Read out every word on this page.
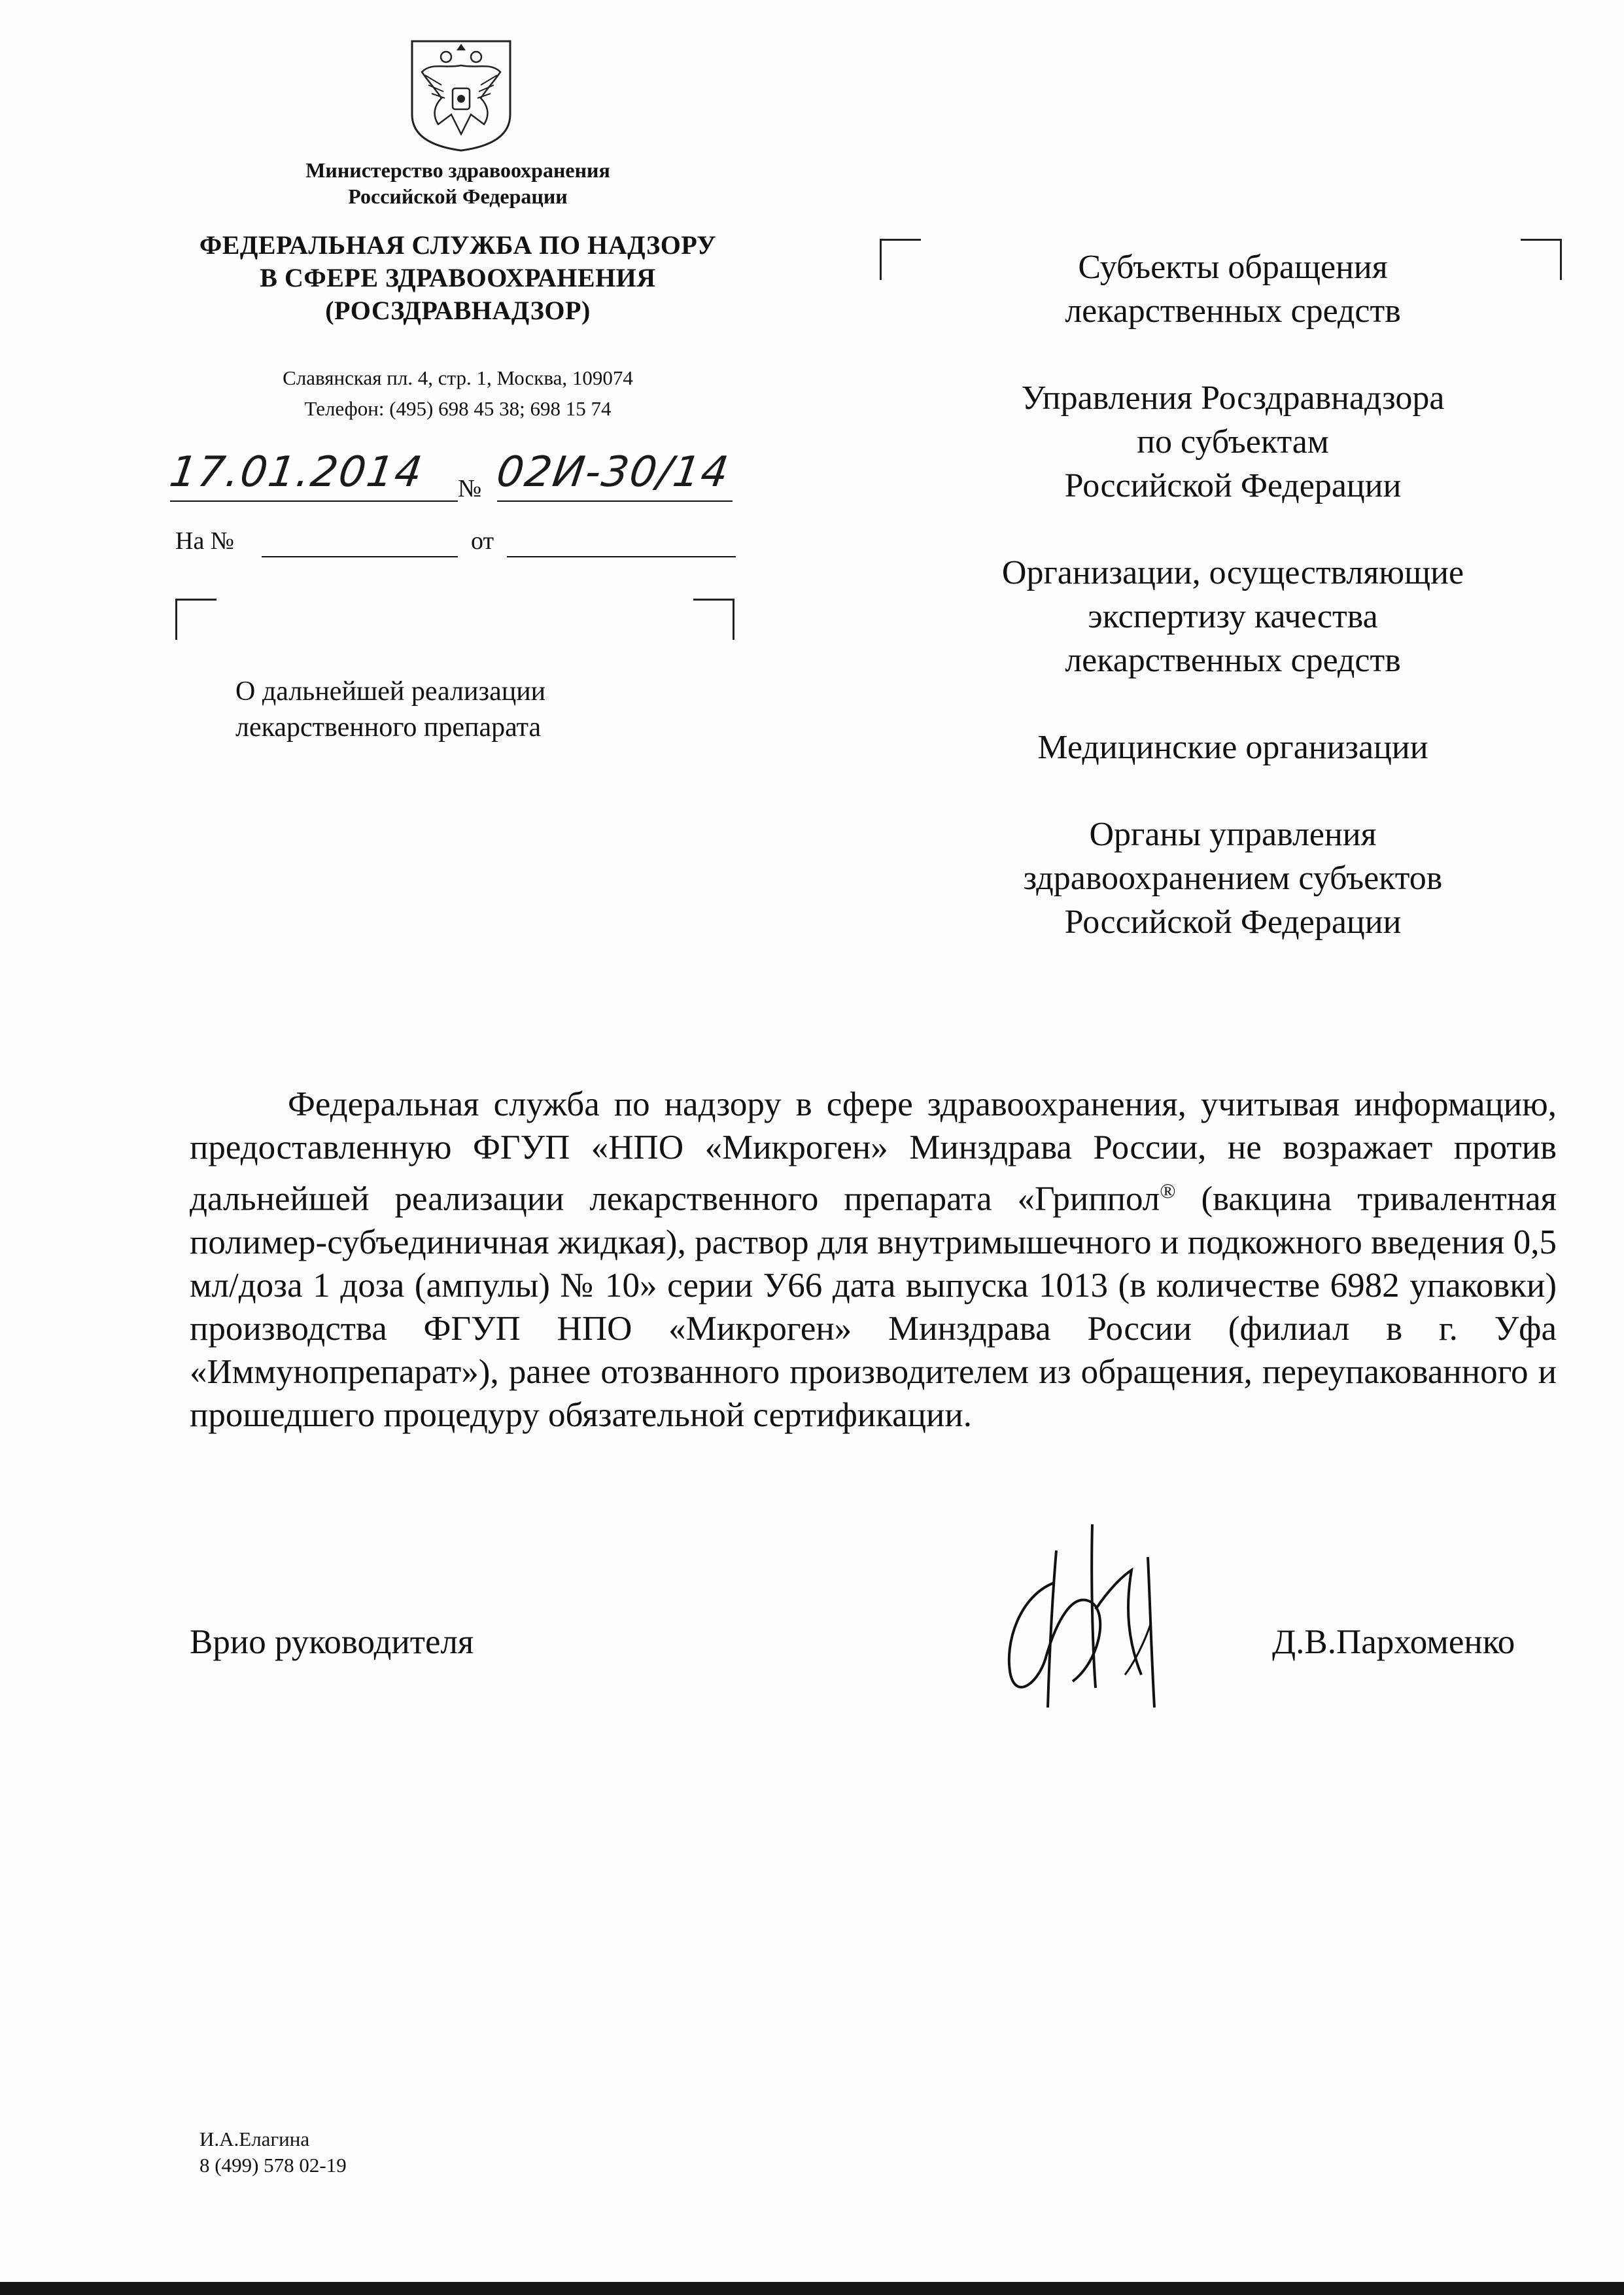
Министерство здравоохранения
Российской Федерации
ФЕДЕРАЛЬНАЯ СЛУЖБА ПО НАДЗОРУ
В СФЕРЕ ЗДРАВООХРАНЕНИЯ
(РОСЗДРАВНАДЗОР)
Славянская пл. 4, стр. 1, Москва, 109074
Телефон: (495) 698 45 38; 698 15 74
17.01.2014 № 02И-30/14
На №	от
О дальнейшей реализации
лекарственного препарата

Субъекты обращения
лекарственных средств

Управления Росздравнадзора
по субъектам
Российской Федерации

Организации, осуществляющие
экспертизу качества
лекарственных средств

Медицинские организации

Органы управления
здравоохранением субъектов
Российской Федерации

Федеральная служба по надзору в сфере здравоохранения, учитывая информацию, предоставленную ФГУП «НПО «Микроген» Минздрава России, не возражает против дальнейшей реализации лекарственного препарата «Гриппол® (вакцина тривалентная полимер-субъединичная жидкая), раствор для внутримышечного и подкожного введения 0,5 мл/доза 1 доза (ампулы) № 10» серии У66 дата выпуска 1013 (в количестве 6982 упаковки) производства ФГУП НПО «Микроген» Минздрава России (филиал в г. Уфа «Иммунопрепарат»), ранее отозванного производителем из обращения, переупакованного и прошедшего процедуру обязательной сертификации.
Врио руководителя	Д.В.Пархоменко
И.А.Елагина
8 (499) 578 02-19
